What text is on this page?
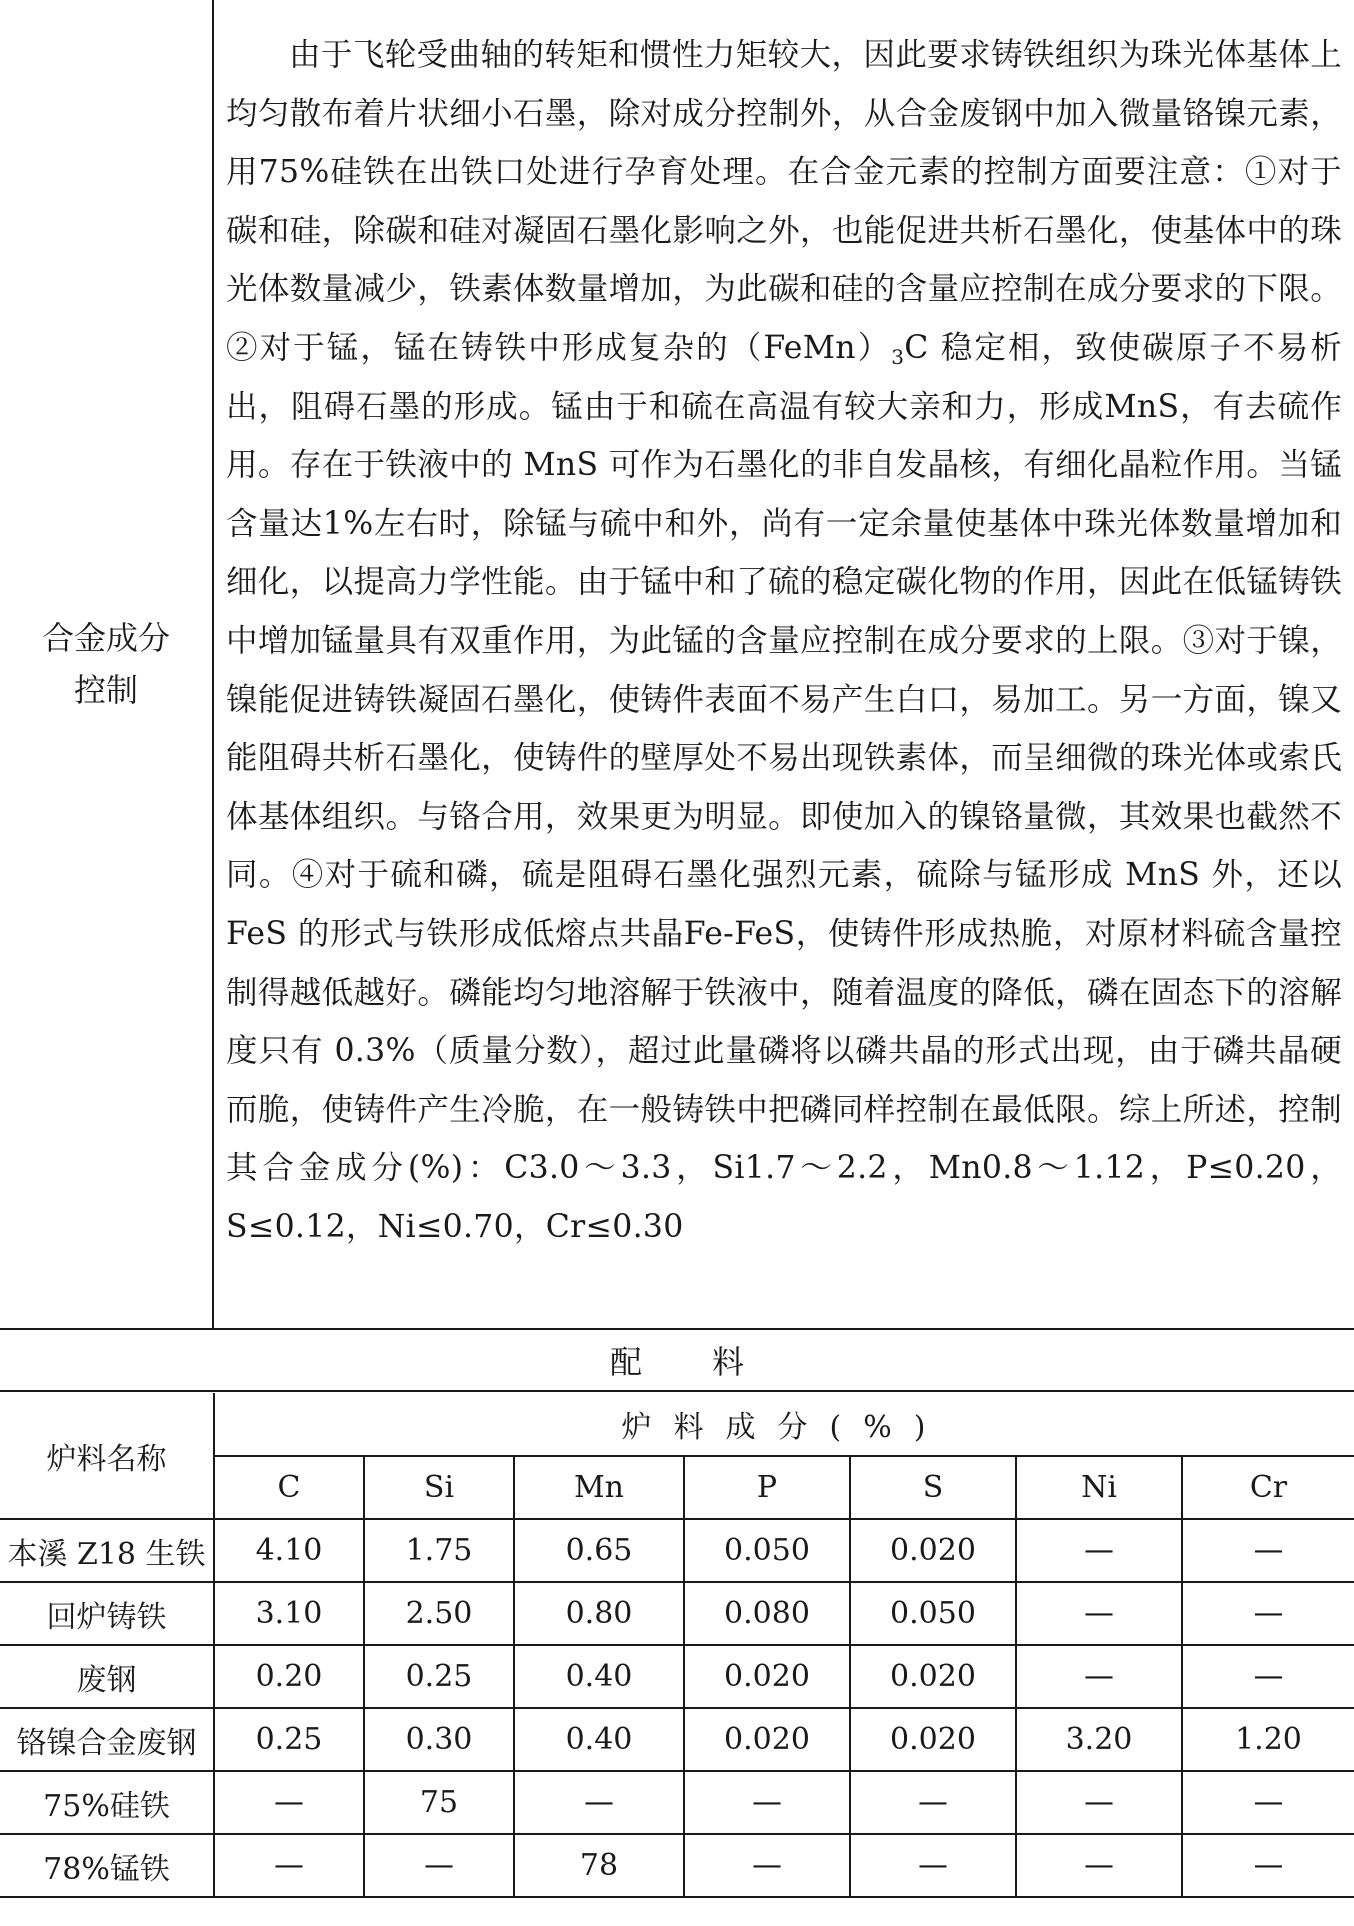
合金成分控制
由于飞轮受曲轴的转矩和惯性力矩较大，因此要求铸铁组织为珠光体基体上均匀散布着片状细小石墨，除对成分控制外，从合金废钢中加入微量铬镍元素，用75%硅铁在出铁口处进行孕育处理。在合金元素的控制方面要注意：①对于碳和硅，除碳和硅对凝固石墨化影响之外，也能促进共析石墨化，使基体中的珠光体数量减少，铁素体数量增加，为此碳和硅的含量应控制在成分要求的下限。②对于锰，锰在铸铁中形成复杂的$(FeMn)_3C$ 稳定相，致使碳原子不易析出，阻碍石墨的形成。锰由于和硫在高温有较大亲和力，形成MnS，有去硫作用。存在于铁液中的 MnS 可作为石墨化的非自发晶核，有细化晶粒作用。当锰含量达1%左右时，除锰与硫中和外，尚有一定余量使基体中珠光体数量增加和细化，以提高力学性能。由于锰中和了硫的稳定碳化物的作用，因此在低锰铸铁中增加锰量具有双重作用，为此锰的含量应控制在成分要求的上限。③对于镍，镍能促进铸铁凝固石墨化，使铸件表面不易产生白口，易加工。另一方面，镍又能阻碍共析石墨化，使铸件的壁厚处不易出现铁素体，而呈细微的珠光体或索氏体基体组织。与铬合用，效果更为明显。即使加入的镍铬量微，其效果也截然不同。④对于硫和磷，硫是阻碍石墨化强烈元素，硫除与锰形成 MnS 外，还以 FeS 的形式与铁形成低熔点共晶Fe-FeS，使铸件形成热脆，对原材料硫含量控制得越低越好。磷能均匀地溶解于铁液中，随着温度的降低，磷在固态下的溶解度只有 0.3%（质量分数），超过此量磷将以磷共晶的形式出现，由于磷共晶硬而脆，使铸件产生冷脆，在一般铸铁中把磷同样控制在最低限。综上所述，控制其合金成分(%)：C3.0～3.3，Si1.7～2.2，Mn0.8～1.12，P≤0.20，S≤0.12，Ni≤0.70，Cr≤0.30
配料
炉料名称	炉料成分(%)						
	C	Si	Mn	P	S	Ni	Cr
本溪 Z18 生铁	4.10	1.75	0.65	0.050	0.020	—	—
回炉铸铁	3.10	2.50	0.80	0.080	0.050	—	—
废钢	0.20	0.25	0.40	0.020	0.020	—	—
铬镍合金废钢	0.25	0.30	0.40	0.020	0.020	3.20	1.20
75%硅铁	—	75	—	—	—	—	—
78%锰铁	—	—	78	—	—	—	—
